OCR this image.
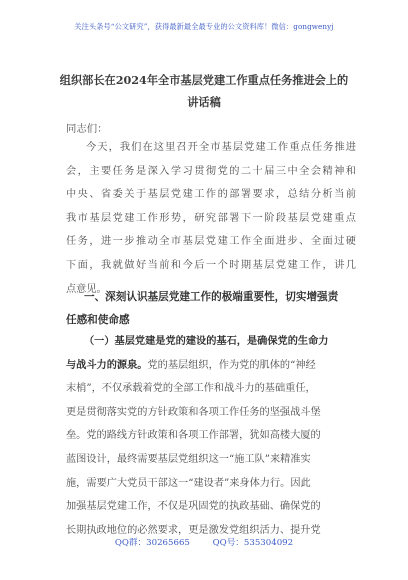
关注头条号“公文研究”，获得最新最全最专业的公文资料库！微信：gongwenyj
组织部长在2024年全市基层党建工作重点任务推进会上的
讲话稿
同志们：
今天，我们在这里召开全市基层党建工作重点任务推进
会，主要任务是深入学习贯彻党的二十届三中全会精神和
中央、省委关于基层党建工作的部署要求，总结分析当前
我市基层党建工作形势，研究部署下一阶段基层党建重点
任务，进一步推动全市基层党建工作全面进步、全面过硬
下面，我就做好当前和今后一个时期基层党建工作，讲几
点意见。
一、深刻认识基层党建工作的极端重要性，切实增强责
任感和使命感
（一）基层党建是党的建设的基石，是确保党的生命力
与战斗力的源泉。党的基层组织，作为党的肌体的“神经
末梢”，不仅承载着党的全部工作和战斗力的基础重任，
更是贯彻落实党的方针政策和各项工作任务的坚强战斗堡
垒。党的路线方针政策和各项工作部署，犹如高楼大厦的
蓝图设计，最终需要基层党组织这一“施工队”来精准实
施，需要广大党员干部这一“建设者”来身体力行。因此
加强基层党建工作，不仅是巩固党的执政基础、确保党的
长期执政地位的必然要求，更是激发党组织活力、提升党
QQ群：30265665	QQ号：535304092
